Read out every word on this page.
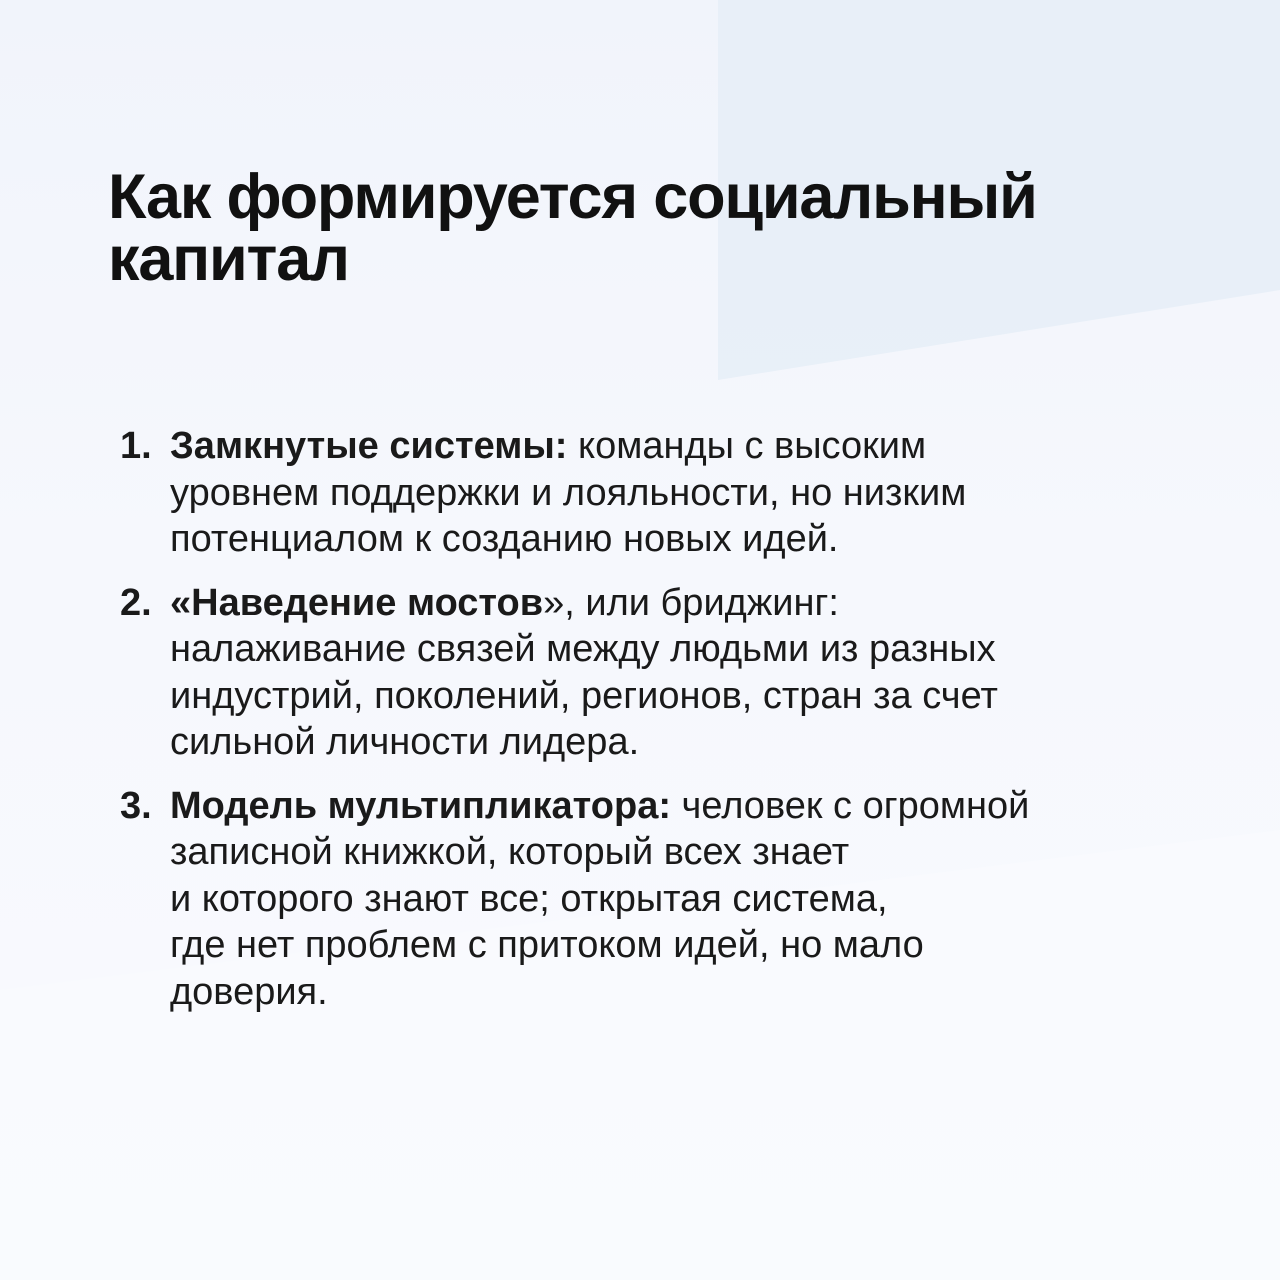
Как формируется социальный
капитал
1. Замкнутые системы: команды с высоким
уровнем поддержки и лояльности, но низким
потенциалом к созданию новых идей.
2. «Наведение мостов», или бриджинг:
налаживание связей между людьми из разных
индустрий, поколений, регионов, стран за счет
сильной личности лидера.
3. Модель мультипликатора: человек с огромной
записной книжкой, который всех знает
и которого знают все; открытая система,
где нет проблем с притоком идей, но мало
доверия.
